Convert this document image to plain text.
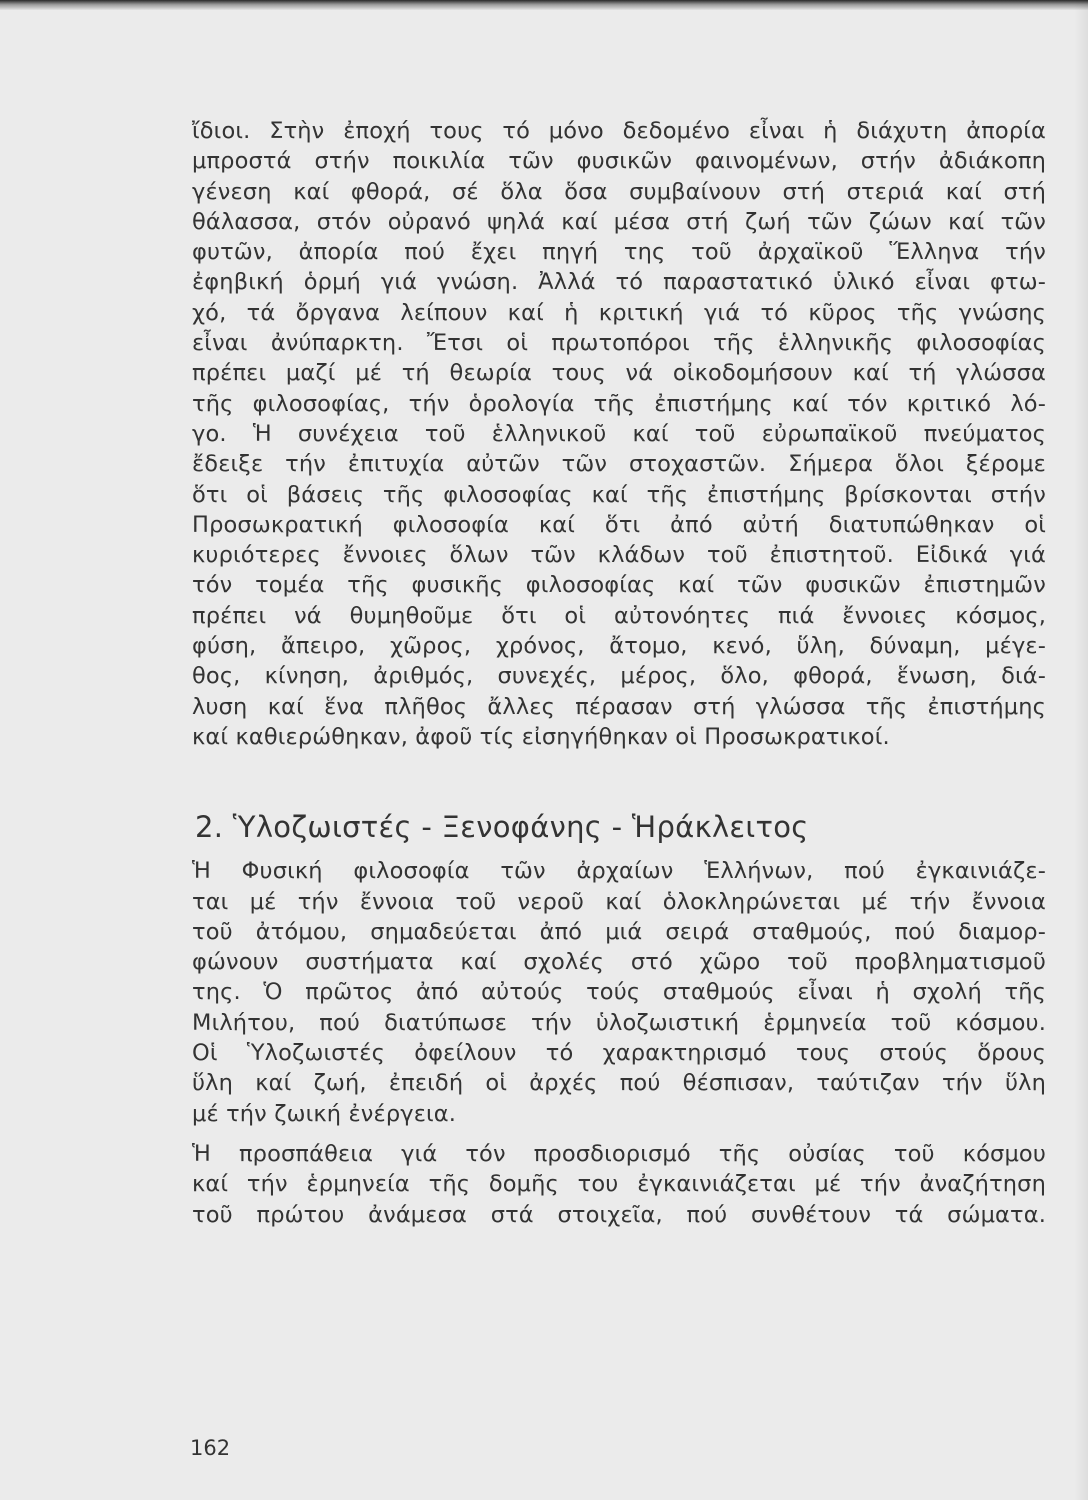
ἴδιοι. Στὴν ἐποχή τους τό μόνο δεδομένο εἶναι ἡ διάχυτη ἀπορία
μπροστά στήν ποικιλία τῶν φυσικῶν φαινομένων, στήν ἀδιάκοπη
γένεση καί φθορά, σέ ὅλα ὅσα συμβαίνουν στή στεριά καί στή
θάλασσα, στόν οὐρανό ψηλά καί μέσα στή ζωή τῶν ζώων καί τῶν
φυτῶν, ἀπορία πού ἔχει πηγή της τοῦ ἀρχαϊκοῦ Ἕλληνα τήν
ἐφηβική ὁρμή γιά γνώση. Ἀλλά τό παραστατικό ὑλικό εἶναι φτω-
χό, τά ὄργανα λείπουν καί ἡ κριτική γιά τό κῦρος τῆς γνώσης
εἶναι ἀνύπαρκτη. Ἔτσι οἱ πρωτοπόροι τῆς ἑλληνικῆς φιλοσοφίας
πρέπει μαζί μέ τή θεωρία τους νά οἰκοδομήσουν καί τή γλώσσα
τῆς φιλοσοφίας, τήν ὁρολογία τῆς ἐπιστήμης καί τόν κριτικό λό-
γο. Ἡ συνέχεια τοῦ ἑλληνικοῦ καί τοῦ εὐρωπαϊκοῦ πνεύματος
ἔδειξε τήν ἐπιτυχία αὐτῶν τῶν στοχαστῶν. Σήμερα ὅλοι ξέρομε
ὅτι οἱ βάσεις τῆς φιλοσοφίας καί τῆς ἐπιστήμης βρίσκονται στήν
Προσωκρατική φιλοσοφία καί ὅτι ἀπό αὐτή διατυπώθηκαν οἱ
κυριότερες ἔννοιες ὅλων τῶν κλάδων τοῦ ἐπιστητοῦ. Εἰδικά γιά
τόν τομέα τῆς φυσικῆς φιλοσοφίας καί τῶν φυσικῶν ἐπιστημῶν
πρέπει νά θυμηθοῦμε ὅτι οἱ αὐτονόητες πιά ἔννοιες κόσμος,
φύση, ἄπειρο, χῶρος, χρόνος, ἄτομο, κενό, ὕλη, δύναμη, μέγε-
θος, κίνηση, ἀριθμός, συνεχές, μέρος, ὅλο, φθορά, ἕνωση, διά-
λυση καί ἕνα πλῆθος ἄλλες πέρασαν στή γλώσσα τῆς ἐπιστήμης
καί καθιερώθηκαν, ἀφοῦ τίς εἰσηγήθηκαν οἱ Προσωκρατικοί.
2. Ὑλοζωιστές - Ξενοφάνης - Ἡράκλειτος
Ἡ Φυσική φιλοσοφία τῶν ἀρχαίων Ἑλλήνων, πού ἐγκαινιάζε-
ται μέ τήν ἔννοια τοῦ νεροῦ καί ὁλοκληρώνεται μέ τήν ἔννοια
τοῦ ἀτόμου, σημαδεύεται ἀπό μιά σειρά σταθμούς, πού διαμορ-
φώνουν συστήματα καί σχολές στό χῶρο τοῦ προβληματισμοῦ
της. Ὁ πρῶτος ἀπό αὐτούς τούς σταθμούς εἶναι ἡ σχολή τῆς
Μιλήτου, πού διατύπωσε τήν ὑλοζωιστική ἑρμηνεία τοῦ κόσμου.
Οἱ Ὑλοζωιστές ὀφείλουν τό χαρακτηρισμό τους στούς ὅρους
ὕλη καί ζωή, ἐπειδή οἱ ἀρχές πού θέσπισαν, ταύτιζαν τήν ὕλη
μέ τήν ζωική ἐνέργεια.
Ἡ προσπάθεια γιά τόν προσδιορισμό τῆς οὐσίας τοῦ κόσμου
καί τήν ἑρμηνεία τῆς δομῆς του ἐγκαινιάζεται μέ τήν ἀναζήτηση
τοῦ πρώτου ἀνάμεσα στά στοιχεῖα, πού συνθέτουν τά σώματα.
162
